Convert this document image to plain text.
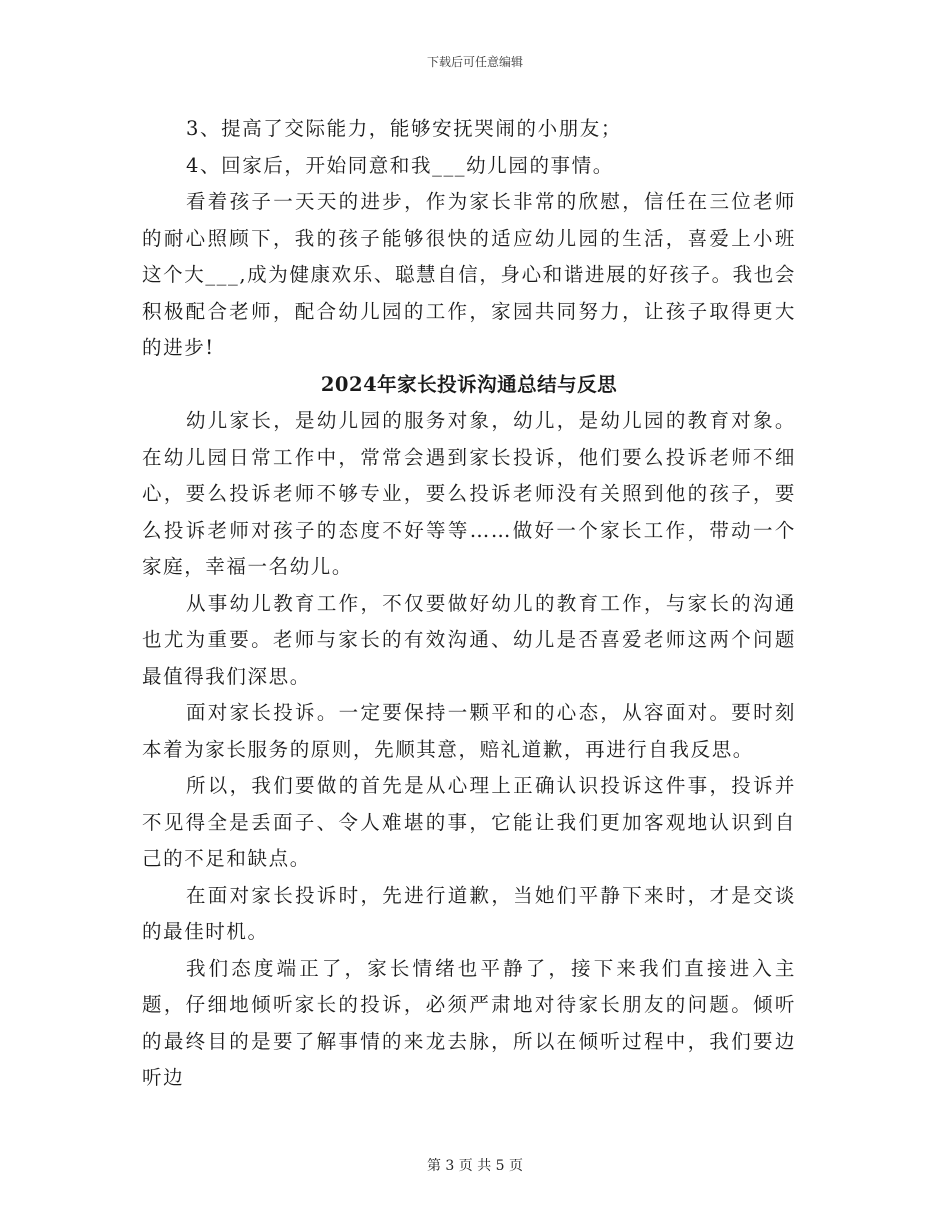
下载后可任意编辑

3、提高了交际能力，能够安抚哭闹的小朋友；

4、回家后，开始同意和我___幼儿园的事情。

看着孩子一天天的进步，作为家长非常的欣慰，信任在三位老师的耐心照顾下，我的孩子能够很快的适应幼儿园的生活，喜爱上小班这个大___,成为健康欢乐、聪慧自信，身心和谐进展的好孩子。我也会积极配合老师，配合幼儿园的工作，家园共同努力，让孩子取得更大的进步!

2024年家长投诉沟通总结与反思

幼儿家长，是幼儿园的服务对象，幼儿，是幼儿园的教育对象。在幼儿园日常工作中，常常会遇到家长投诉，他们要么投诉老师不细心，要么投诉老师不够专业，要么投诉老师没有关照到他的孩子，要么投诉老师对孩子的态度不好等等……做好一个家长工作，带动一个家庭，幸福一名幼儿。

从事幼儿教育工作，不仅要做好幼儿的教育工作，与家长的沟通也尤为重要。老师与家长的有效沟通、幼儿是否喜爱老师这两个问题最值得我们深思。

面对家长投诉。一定要保持一颗平和的心态，从容面对。要时刻本着为家长服务的原则，先顺其意，赔礼道歉，再进行自我反思。

所以，我们要做的首先是从心理上正确认识投诉这件事，投诉并不见得全是丢面子、令人难堪的事，它能让我们更加客观地认识到自己的不足和缺点。

在面对家长投诉时，先进行道歉，当她们平静下来时，才是交谈的最佳时机。

我们态度端正了，家长情绪也平静了，接下来我们直接进入主题，仔细地倾听家长的投诉，必须严肃地对待家长朋友的问题。倾听的最终目的是要了解事情的来龙去脉，所以在倾听过程中，我们要边听边

第 3 页 共 5 页
